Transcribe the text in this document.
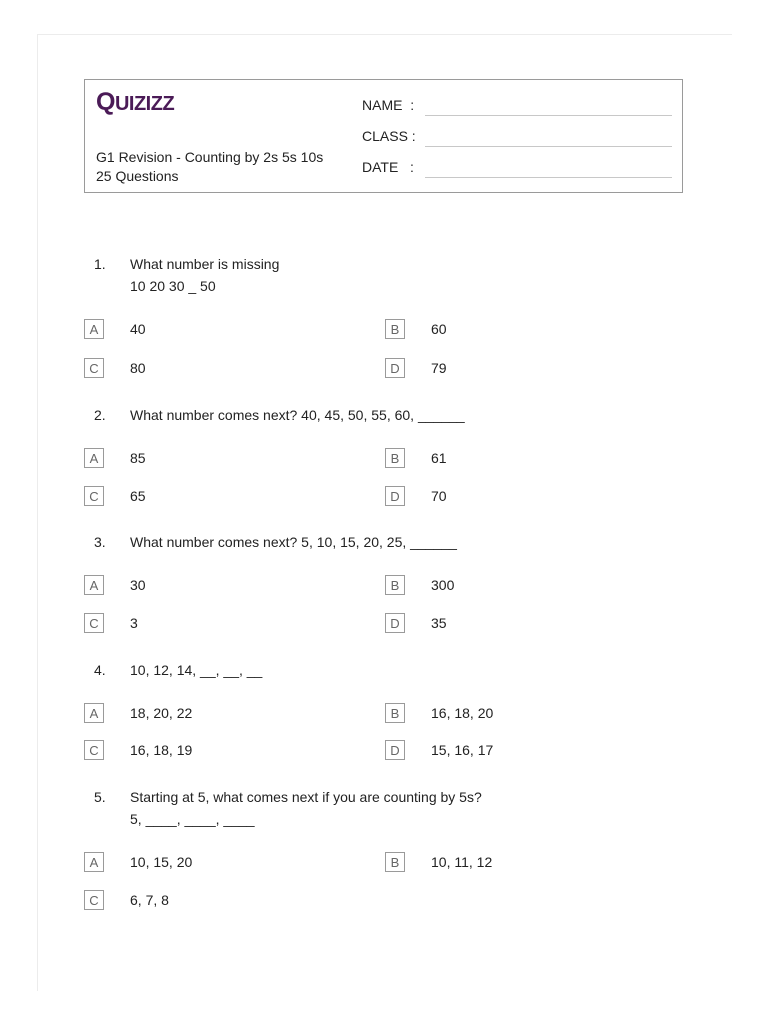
QUIZIZZ
G1 Revision - Counting by 2s 5s 10s
25 Questions
NAME  :
CLASS :
DATE   :
1.	What number is missing
10 20 30 _ 50
A	40	B	60
C	80	D	79
2.	What number comes next? 40, 45, 50, 55, 60, ______
A	85	B	61
C	65	D	70
3.	What number comes next? 5, 10, 15, 20, 25, ______
A	30	B	300
C	3	D	35
4.	10, 12, 14, __, __, __
A	18, 20, 22	B	16, 18, 20
C	16, 18, 19	D	15, 16, 17
5.	Starting at 5, what comes next if you are counting by 5s?
5, ____, ____, ____
A	10, 15, 20	B	10, 11, 12
C	6, 7, 8
